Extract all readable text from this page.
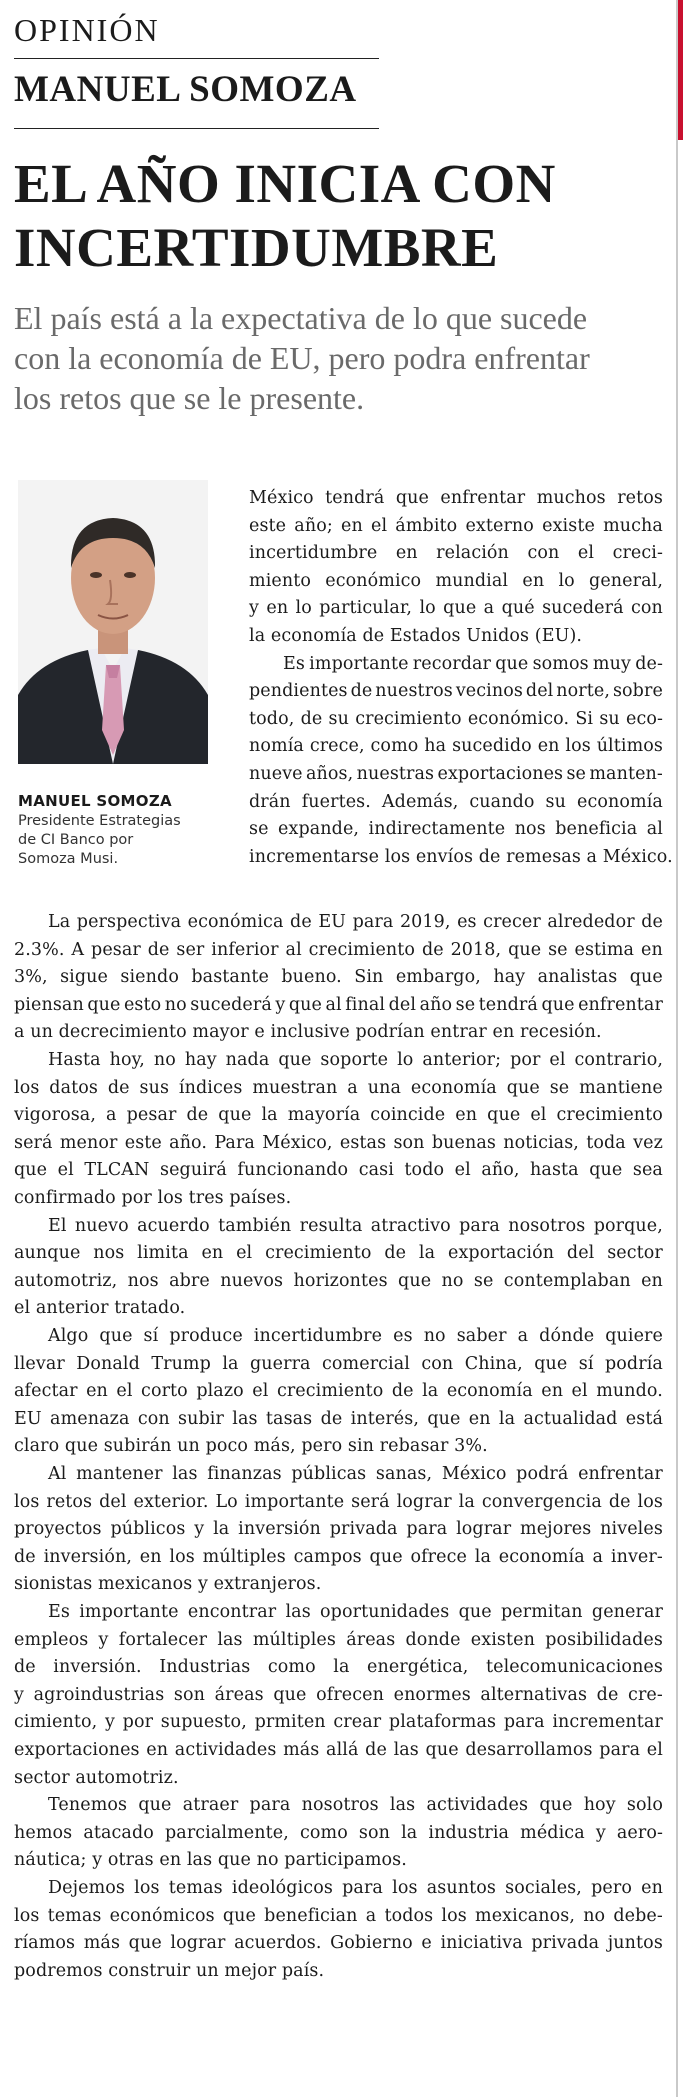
OPINIÓN
MANUEL SOMOZA
EL AÑO INICIA CON
INCERTIDUMBRE
El país está a la expectativa de lo que sucede
con la economía de EU, pero podra enfrentar
los retos que se le presente.
MANUEL SOMOZA
Presidente Estrategias
de CI Banco por
Somoza Musi.
México tendrá que enfrentar muchos retos
este año; en el ámbito externo existe mucha
incertidumbre en relación con el creci-
miento económico mundial en lo general,
y en lo particular, lo que a qué sucederá con
la economía de Estados Unidos (EU).
Es importante recordar que somos muy de-
pendientes de nuestros vecinos del norte, sobre
todo, de su crecimiento económico. Si su eco-
nomía crece, como ha sucedido en los últimos
nueve años, nuestras exportaciones se manten-
drán fuertes. Además, cuando su economía
se expande, indirectamente nos beneficia al
incrementarse los envíos de remesas a México.
La perspectiva económica de EU para 2019, es crecer alrededor de
2.3%. A pesar de ser inferior al crecimiento de 2018, que se estima en
3%, sigue siendo bastante bueno. Sin embargo, hay analistas que
piensan que esto no sucederá y que al final del año se tendrá que enfrentar
a un decrecimiento mayor e inclusive podrían entrar en recesión.
Hasta hoy, no hay nada que soporte lo anterior; por el contrario,
los datos de sus índices muestran a una economía que se mantiene
vigorosa, a pesar de que la mayoría coincide en que el crecimiento
será menor este año. Para México, estas son buenas noticias, toda vez
que el TLCAN seguirá funcionando casi todo el año, hasta que sea
confirmado por los tres países.
El nuevo acuerdo también resulta atractivo para nosotros porque,
aunque nos limita en el crecimiento de la exportación del sector
automotriz, nos abre nuevos horizontes que no se contemplaban en
el anterior tratado.
Algo que sí produce incertidumbre es no saber a dónde quiere
llevar Donald Trump la guerra comercial con China, que sí podría
afectar en el corto plazo el crecimiento de la economía en el mundo.
EU amenaza con subir las tasas de interés, que en la actualidad está
claro que subirán un poco más, pero sin rebasar 3%.
Al mantener las finanzas públicas sanas, México podrá enfrentar
los retos del exterior. Lo importante será lograr la convergencia de los
proyectos públicos y la inversión privada para lograr mejores niveles
de inversión, en los múltiples campos que ofrece la economía a inver-
sionistas mexicanos y extranjeros.
Es importante encontrar las oportunidades que permitan generar
empleos y fortalecer las múltiples áreas donde existen posibilidades
de inversión. Industrias como la energética, telecomunicaciones
y agroindustrias son áreas que ofrecen enormes alternativas de cre-
cimiento, y por supuesto, prmiten crear plataformas para incrementar
exportaciones en actividades más allá de las que desarrollamos para el
sector automotriz.
Tenemos que atraer para nosotros las actividades que hoy solo
hemos atacado parcialmente, como son la industria médica y aero-
náutica; y otras en las que no participamos.
Dejemos los temas ideológicos para los asuntos sociales, pero en
los temas económicos que benefician a todos los mexicanos, no debe-
ríamos más que lograr acuerdos. Gobierno e iniciativa privada juntos
podremos construir un mejor país.
